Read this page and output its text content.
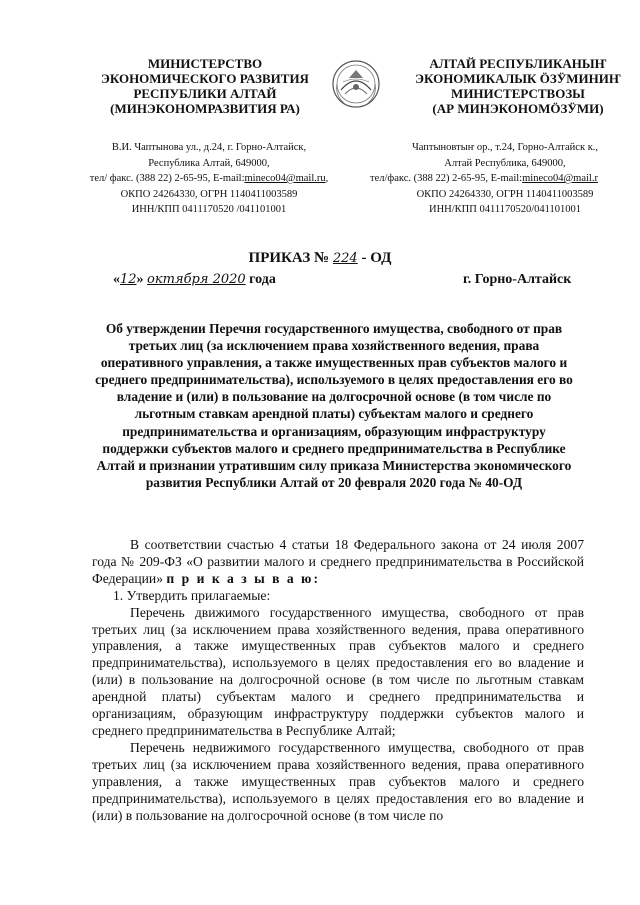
МИНИСТЕРСТВО
ЭКОНОМИЧЕСКОГО РАЗВИТИЯ
РЕСПУБЛИКИ АЛТАЙ
(МИНЭКОНОМРАЗВИТИЯ РА)
АЛТАЙ РЕСПУБЛИКАНЫҤ
ЭКОНОМИКАЛЫК ÖЗӰМИНИҤ
МИНИСТЕРСТВОЗЫ
(АР МИНЭКОНОМÖЗӰМИ)
В.И. Чаптынова ул., д.24, г. Горно-Алтайск,
Республика Алтай, 649000,
тел/ факс. (388 22) 2-65-95, E-mail:mineco04@mail.ru,
ОКПО 24264330, ОГРН 1140411003589
ИНН/КПП 0411170520 /041101001
Чаптыновтыҥ ор., т.24, Горно-Алтайск к.,
Алтай Республика, 649000,
тел/факс. (388 22) 2-65-95, E-mail:mineco04@mail.r
ОКПО 24264330, ОГРН 1140411003589
ИНН/КПП 0411170520/041101001
ПРИКАЗ № 224 - ОД
«12» октября 2020 года	г. Горно-Алтайск
Об утверждении Перечня государственного имущества, свободного от прав третьих лиц (за исключением права хозяйственного ведения, права оперативного управления, а также имущественных прав субъектов малого и среднего предпринимательства), используемого в целях предоставления его во владение и (или) в пользование на долгосрочной основе (в том числе по льготным ставкам арендной платы) субъектам малого и среднего предпринимательства и организациям, образующим инфраструктуру поддержки субъектов малого и среднего предпринимательства в Республике Алтай и признании утратившим силу приказа Министерства экономического развития Республики Алтай от 20 февраля 2020 года № 40-ОД

В соответствии счастью 4 статьи 18 Федерального закона от 24 июля 2007 года № 209-ФЗ «О развитии малого и среднего предпринимательства в Российской Федерации» п р и к а з ы в а ю:

1. Утвердить прилагаемые:

Перечень движимого государственного имущества, свободного от прав третьих лиц (за исключением права хозяйственного ведения, права оперативного управления, а также имущественных прав субъектов малого и среднего предпринимательства), используемого в целях предоставления его во владение и (или) в пользование на долгосрочной основе (в том числе по льготным ставкам арендной платы) субъектам малого и среднего предпринимательства и организациям, образующим инфраструктуру поддержки субъектов малого и среднего предпринимательства в Республике Алтай;

Перечень недвижимого государственного имущества, свободного от прав третьих лиц (за исключением права хозяйственного ведения, права оперативного управления, а также имущественных прав субъектов малого и среднего предпринимательства), используемого в целях предоставления его во владение и (или) в пользование на долгосрочной основе (в том числе по
